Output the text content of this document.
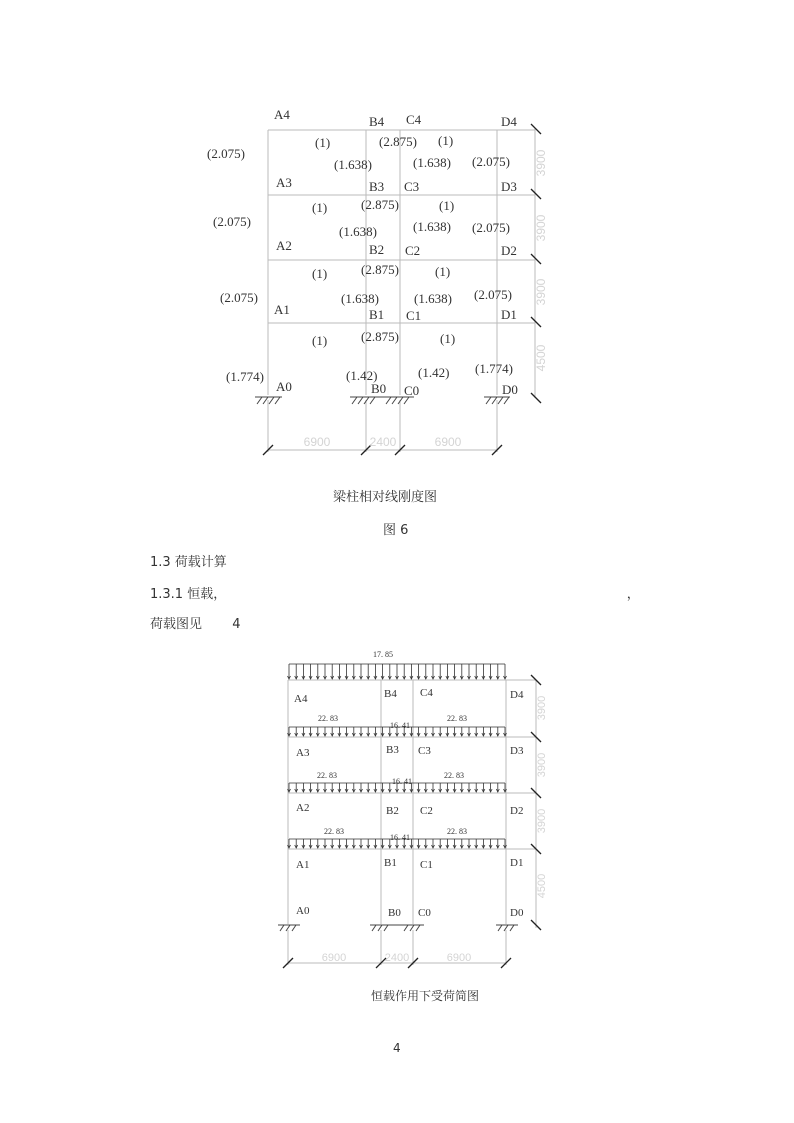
3900
3900
3900
4500
6900	2400	6900
A4	B4 C4	D4
A3	B3 C3	D3
A2	B2 C2	D2
A1	B1 C1	D1
A0	B0 C0	D0
(2.075)
(1)	(2.875) (1)
(1.638)	(1.638) (2.075)
(2.075)
(1)	(2.875)	(1)
(1.638)	(1.638) (2.075)
(2.075)
(1)	(2.875)	(1)
(1.638)	(1.638) (2.075)
(1.774)
(1)	(2.875)	(1)
(1.42)	(1.42) (1.774)
17. 85
22. 83
16. 41
22. 83
22. 83
16. 41
22. 83
22. 83
16. 41
22. 83
A4	B4 C4	D4
A3	B3 C3	D3
A2	B2 C2	D2
A1	B1 C1	D1
A0	B0 C0	D0
3900
3900
3900
4500
6900	2400	6900
梁柱相对线刚度图
图 6
1.3 荷载计算
1.3.1 恒载，	，
荷载图见 4
恒载作用下受荷简图
4
